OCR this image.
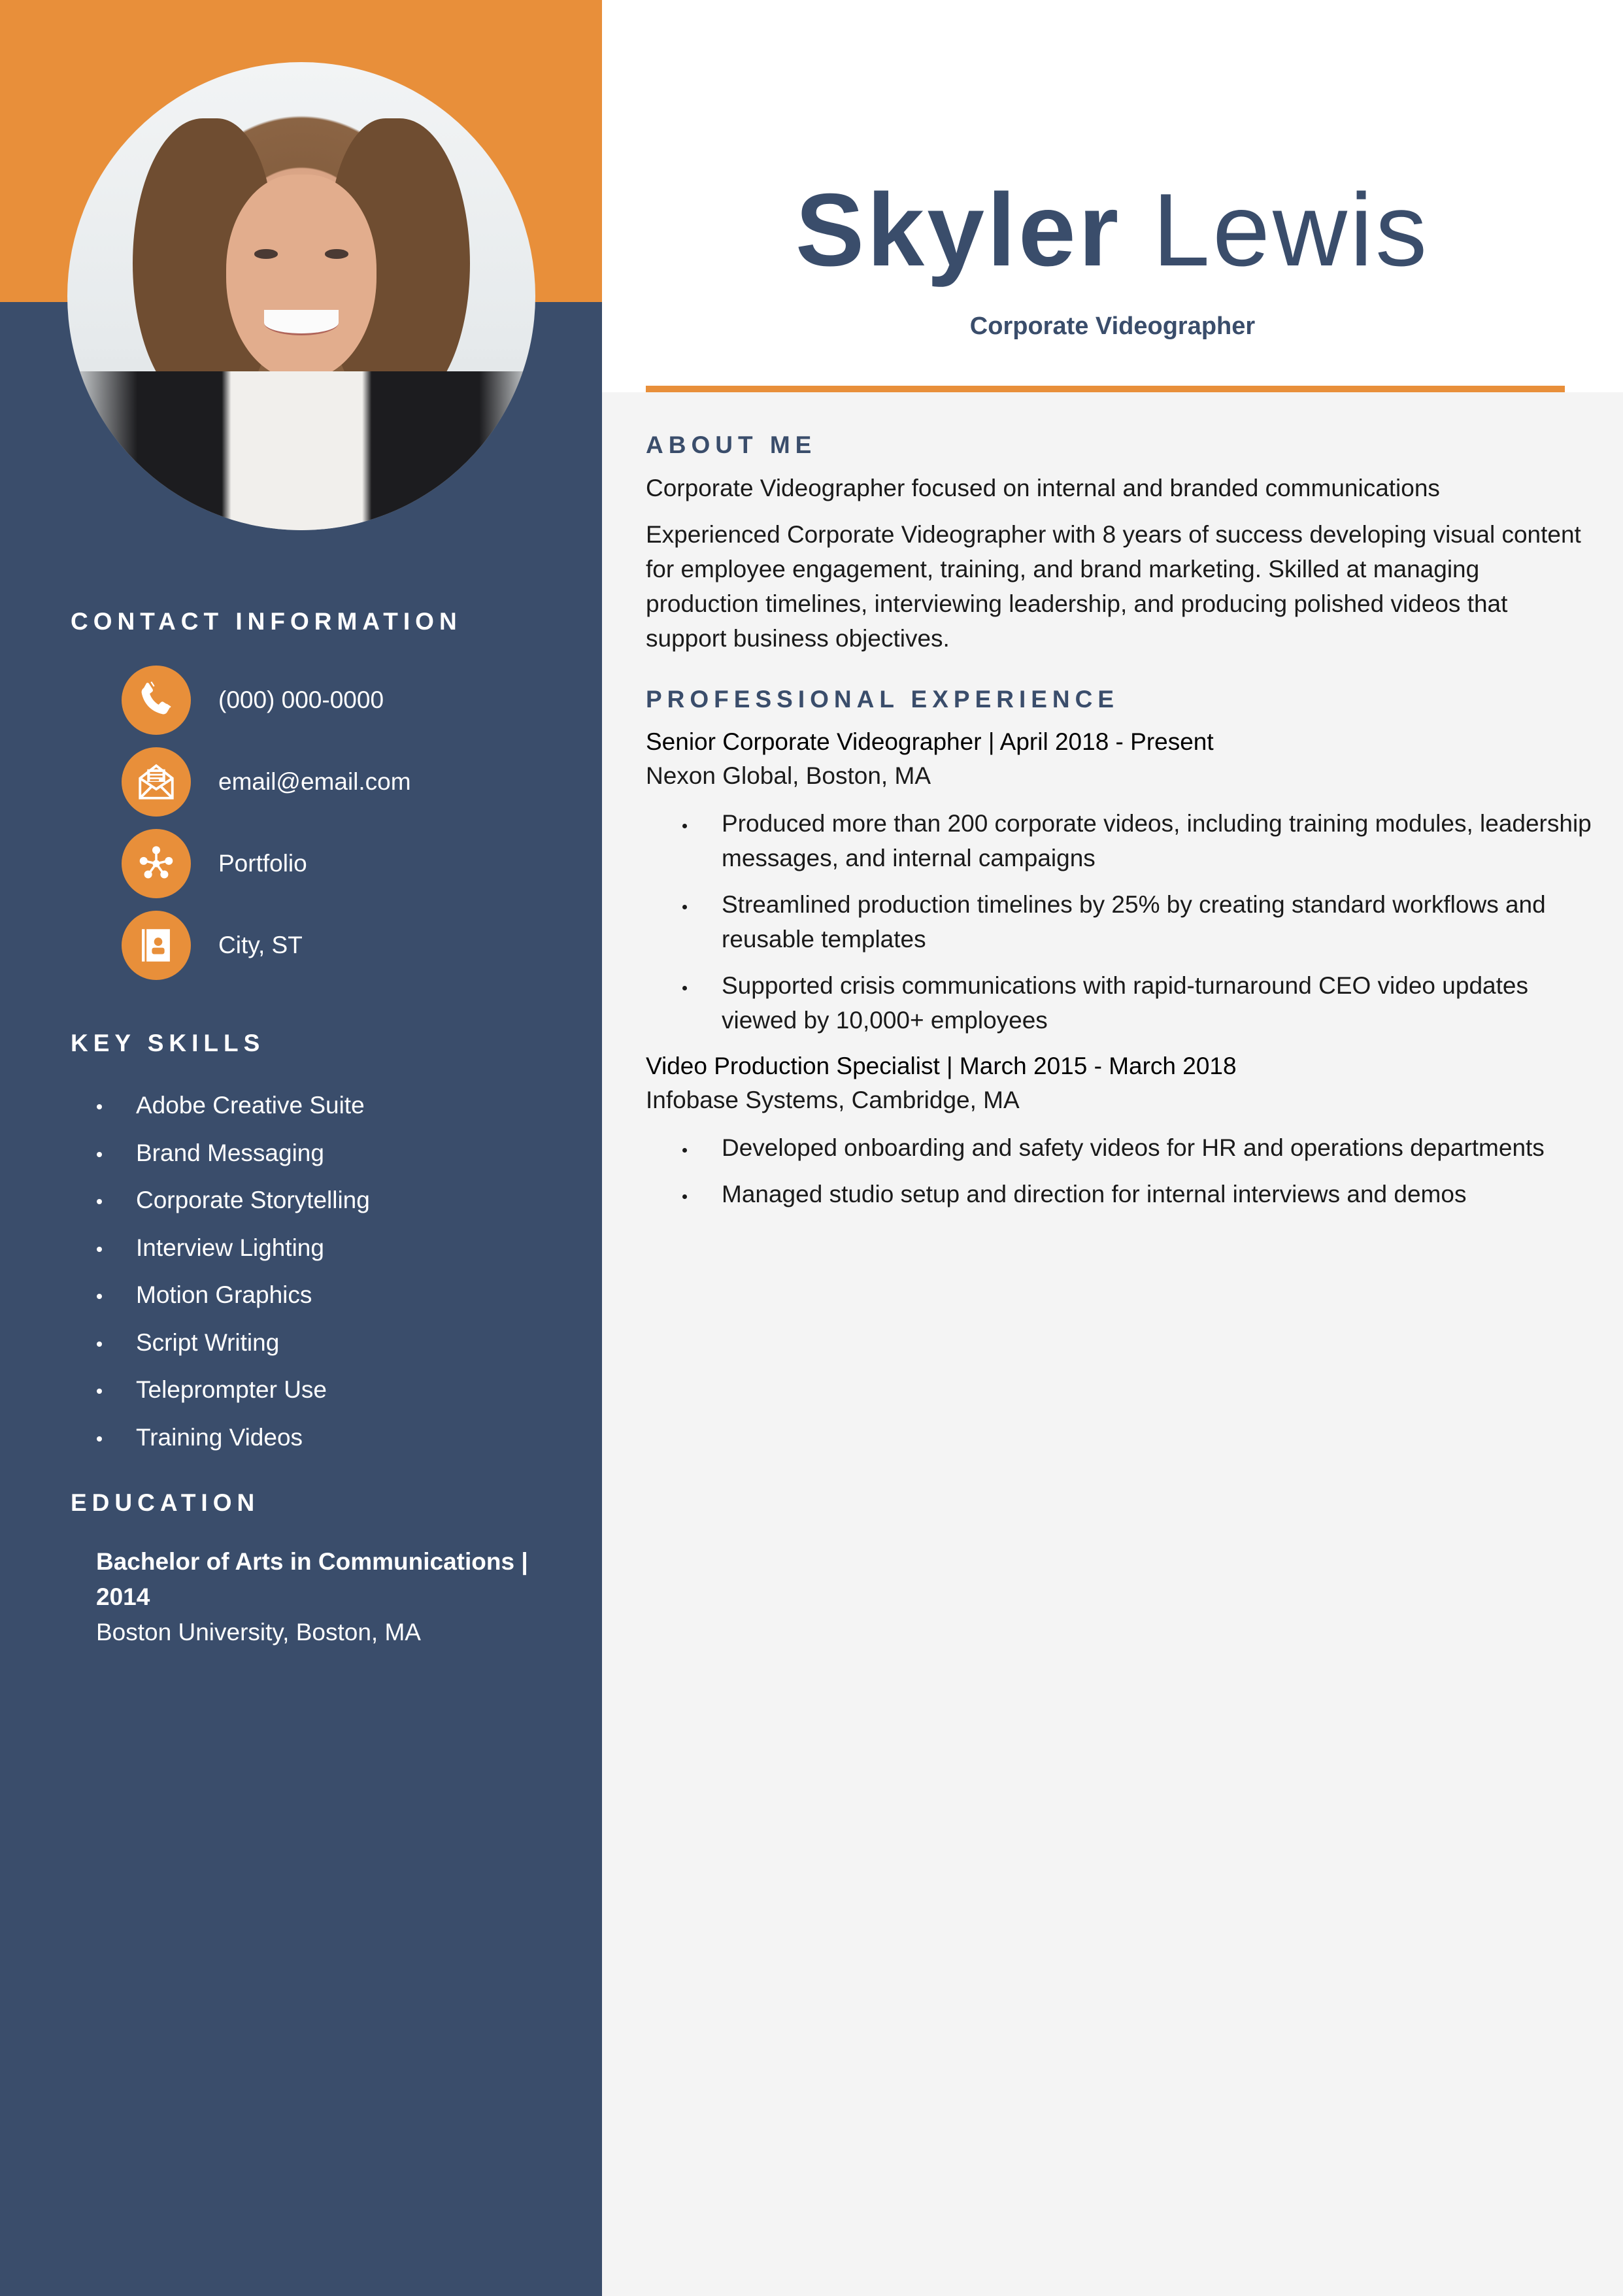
CONTACT INFORMATION
(000) 000-0000
email@email.com
Portfolio
City, ST
KEY SKILLS
Adobe Creative Suite
Brand Messaging
Corporate Storytelling
Interview Lighting
Motion Graphics
Script Writing
Teleprompter Use
Training Videos
EDUCATION
Bachelor of Arts in Communications | 2014
Boston University, Boston, MA
Skyler Lewis

Corporate Videographer

ABOUT ME

Corporate Videographer focused on internal and branded communications

Experienced Corporate Videographer with 8 years of success developing visual content for employee engagement, training, and brand marketing. Skilled at managing production timelines, interviewing leadership, and producing polished videos that support business objectives.

PROFESSIONAL EXPERIENCE
Senior Corporate Videographer | April 2018 - Present
Nexon Global, Boston, MA
Produced more than 200 corporate videos, including training modules, leadership messages, and internal campaigns
Streamlined production timelines by 25% by creating standard workflows and reusable templates
Supported crisis communications with rapid-turnaround CEO video updates viewed by 10,000+ employees
Video Production Specialist | March 2015 - March 2018
Infobase Systems, Cambridge, MA
Developed onboarding and safety videos for HR and operations departments
Managed studio setup and direction for internal interviews and demos
